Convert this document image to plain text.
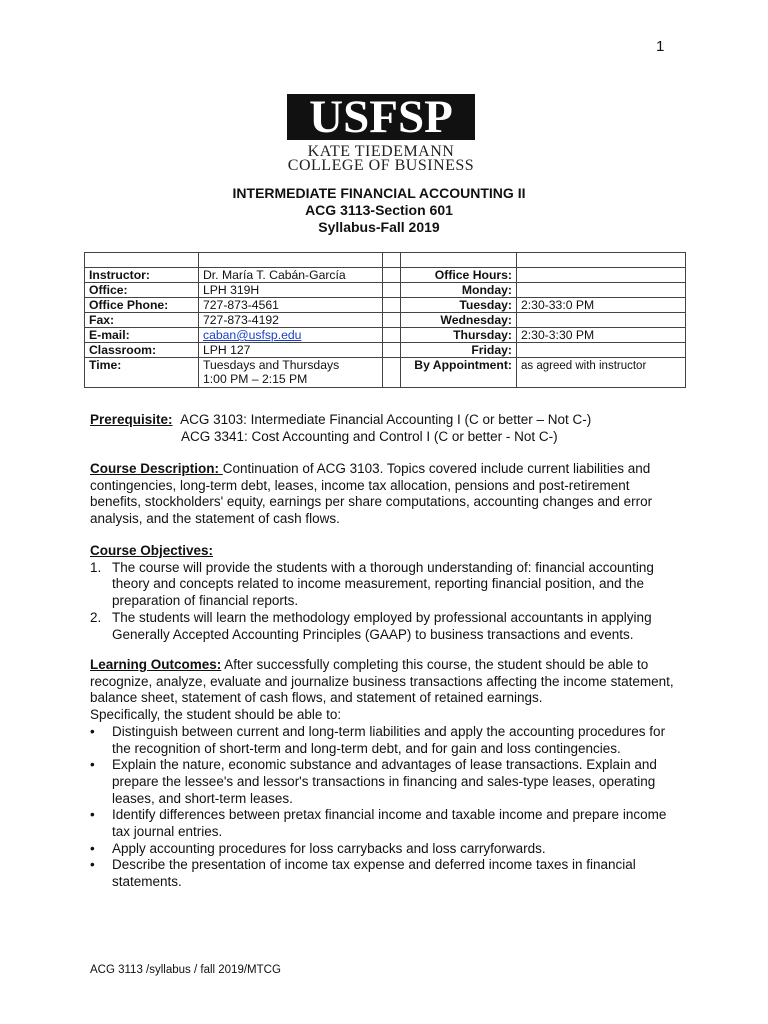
1
USFSP
KATE TIEDEMANN
COLLEGE OF BUSINESS
INTERMEDIATE FINANCIAL ACCOUNTING II
ACG 3113-Section 601
Syllabus-Fall 2019

Instructor:	Dr. María T. Cabán-García		Office Hours:	
Office:	LPH 319H		Monday:	
Office Phone:	727-873-4561		Tuesday:	2:30-33:0 PM
Fax:	727-873-4192		Wednesday:	
E-mail:	caban@usfsp.edu		Thursday:	2:30-3:30 PM
Classroom:	LPH 127		Friday:	
Time:	Tuesdays and Thursdays
1:00 PM – 2:15 PM		By Appointment:	as agreed with instructor
Prerequisite: ACG 3103: Intermediate Financial Accounting I (C or better – Not C-)
ACG 3341: Cost Accounting and Control I (C or better - Not C-)

Course Description: Continuation of ACG 3103. Topics covered include current liabilities and contingencies, long-term debt, leases, income tax allocation, pensions and post-retirement benefits, stockholders' equity, earnings per share computations, accounting changes and error analysis, and the statement of cash flows.

Course Objectives:
1. The course will provide the students with a thorough understanding of: financial accounting theory and concepts related to income measurement, reporting financial position, and the preparation of financial reports.
2. The students will learn the methodology employed by professional accountants in applying Generally Accepted Accounting Principles (GAAP) to business transactions and events.

Learning Outcomes: After successfully completing this course, the student should be able to recognize, analyze, evaluate and journalize business transactions affecting the income statement, balance sheet, statement of cash flows, and statement of retained earnings.

Specifically, the student should be able to:
• Distinguish between current and long-term liabilities and apply the accounting procedures for the recognition of short-term and long-term debt, and for gain and loss contingencies.
• Explain the nature, economic substance and advantages of lease transactions. Explain and prepare the lessee's and lessor's transactions in financing and sales-type leases, operating leases, and short-term leases.
• Identify differences between pretax financial income and taxable income and prepare income tax journal entries.
• Apply accounting procedures for loss carrybacks and loss carryforwards.
• Describe the presentation of income tax expense and deferred income taxes in financial statements.
ACG 3113 /syllabus / fall 2019/MTCG
